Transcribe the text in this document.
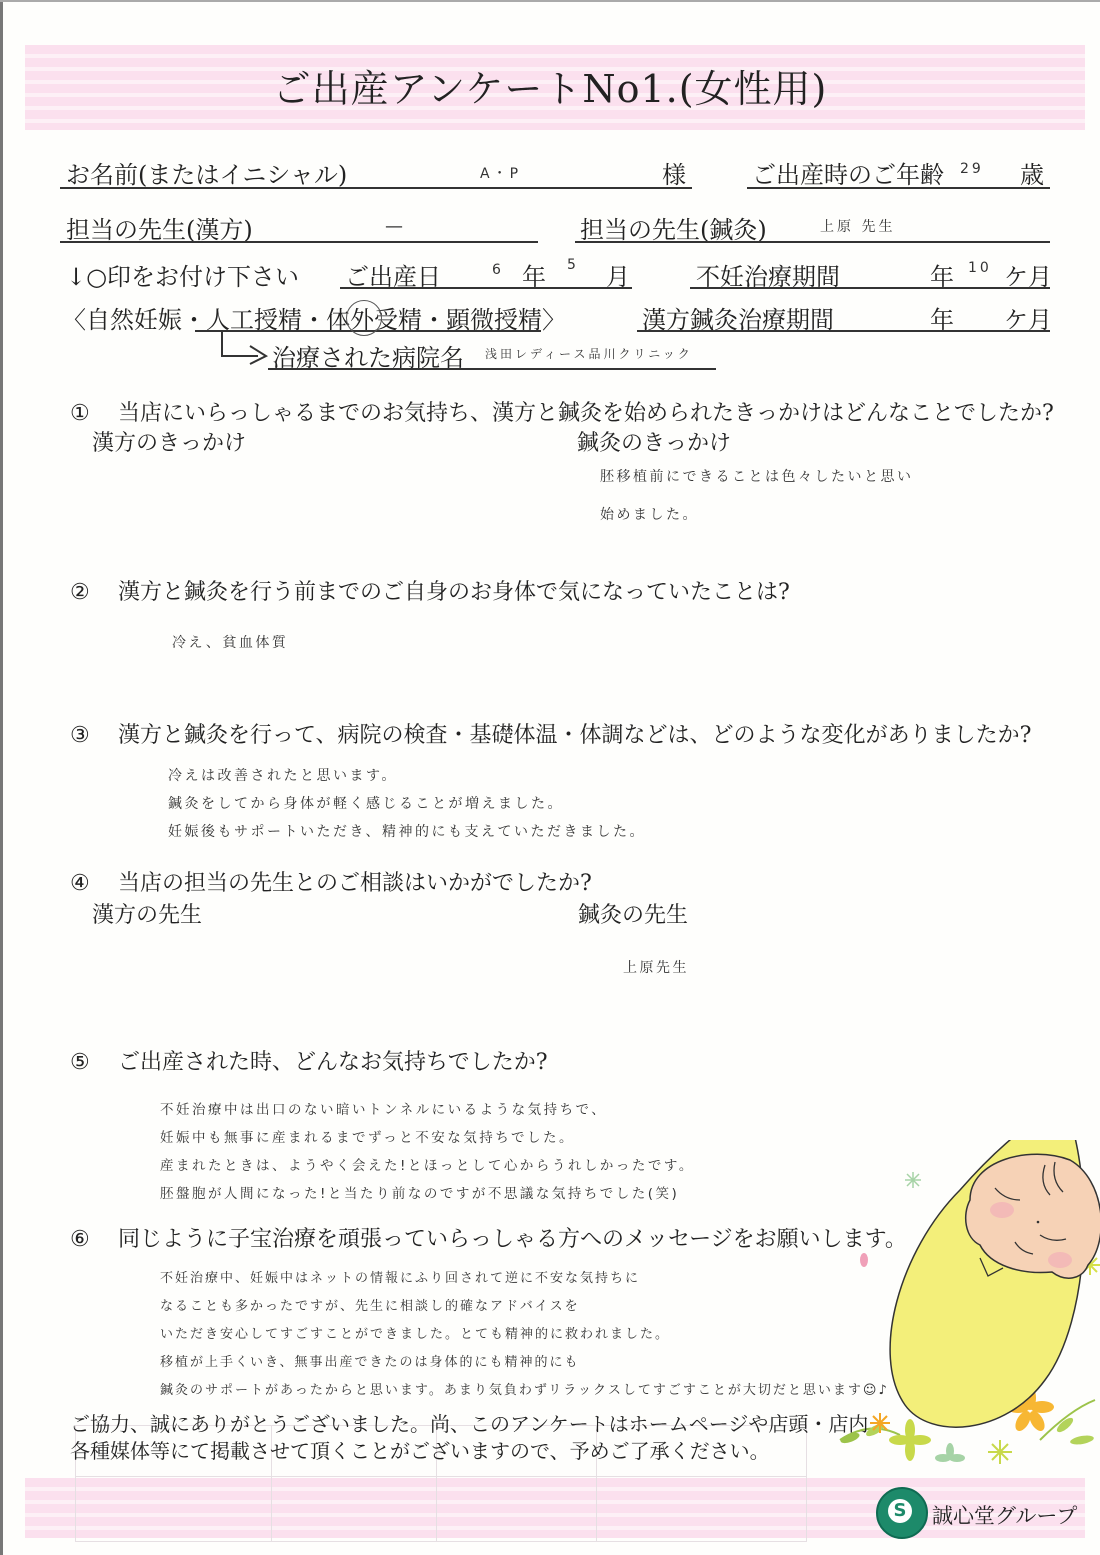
ご出産アンケートNo1.(女性用)
お名前(またはイニシャル)	A・P	様	ご出産時のご年齢 29 歳
担当の先生(漢方)	—	担当の先生(鍼灸)	上原 先生
↓○印をお付け下さい ご出産日	6 年 5 月	不妊治療期間	年 10 ケ月
〈自然妊娠・人工授精・体外受精・顕微授精〉	漢方鍼灸治療期間	年 ケ月
治療された病院名 浅田レディース品川クリニック
① 当店にいらっしゃるまでのお気持ち、漢方と鍼灸を始められたきっかけはどんなことでしたか?
漢方のきっかけ	鍼灸のきっかけ
胚移植前にできることは色々したいと思い
始めました。
② 漢方と鍼灸を行う前までのご自身のお身体で気になっていたことは?
冷え、貧血体質
③ 漢方と鍼灸を行って、病院の検査・基礎体温・体調などは、どのような変化がありましたか?
冷えは改善されたと思います。
鍼灸をしてから身体が軽く感じることが増えました。
妊娠後もサポートいただき、精神的にも支えていただきました。
④ 当店の担当の先生とのご相談はいかがでしたか?
漢方の先生	鍼灸の先生
上原先生
⑤ ご出産された時、どんなお気持ちでしたか?
不妊治療中は出口のない暗いトンネルにいるような気持ちで、
妊娠中も無事に産まれるまでずっと不安な気持ちでした。
産まれたときは、ようやく会えた!とほっとして心からうれしかったです。
胚盤胞が人間になった!と当たり前なのですが不思議な気持ちでした(笑)
⑥ 同じように子宝治療を頑張っていらっしゃる方へのメッセージをお願いします。
不妊治療中、妊娠中はネットの情報にふり回されて逆に不安な気持ちに
なることも多かったですが、先生に相談し的確なアドバイスを
いただき安心してすごすことができました。とても精神的に救われました。
移植が上手くいき、無事出産できたのは身体的にも精神的にも
鍼灸のサポートがあったからと思います。あまり気負わずリラックスしてすごすことが大切だと思います☺♪
ご協力、誠にありがとうございました。尚、このアンケートはホームページや店頭・店内
各種媒体等にて掲載させて頂くことがございますので、予めご了承ください。
S 誠心堂グループ
